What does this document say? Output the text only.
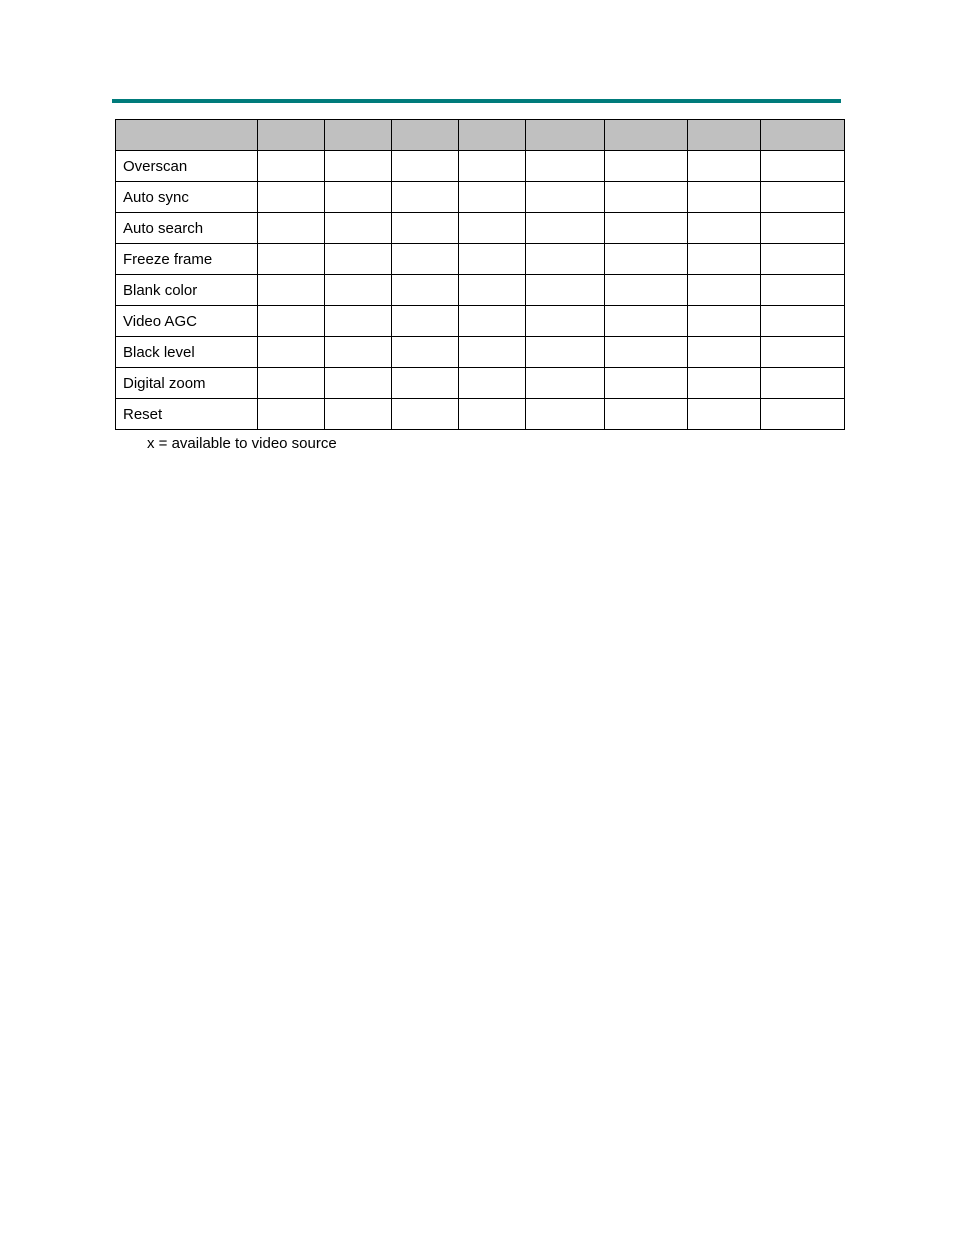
Overscan								
Auto sync								
Auto search								
Freeze frame								
Blank color								
Video AGC								
Black level								
Digital zoom								
Reset								
x = available to video source
